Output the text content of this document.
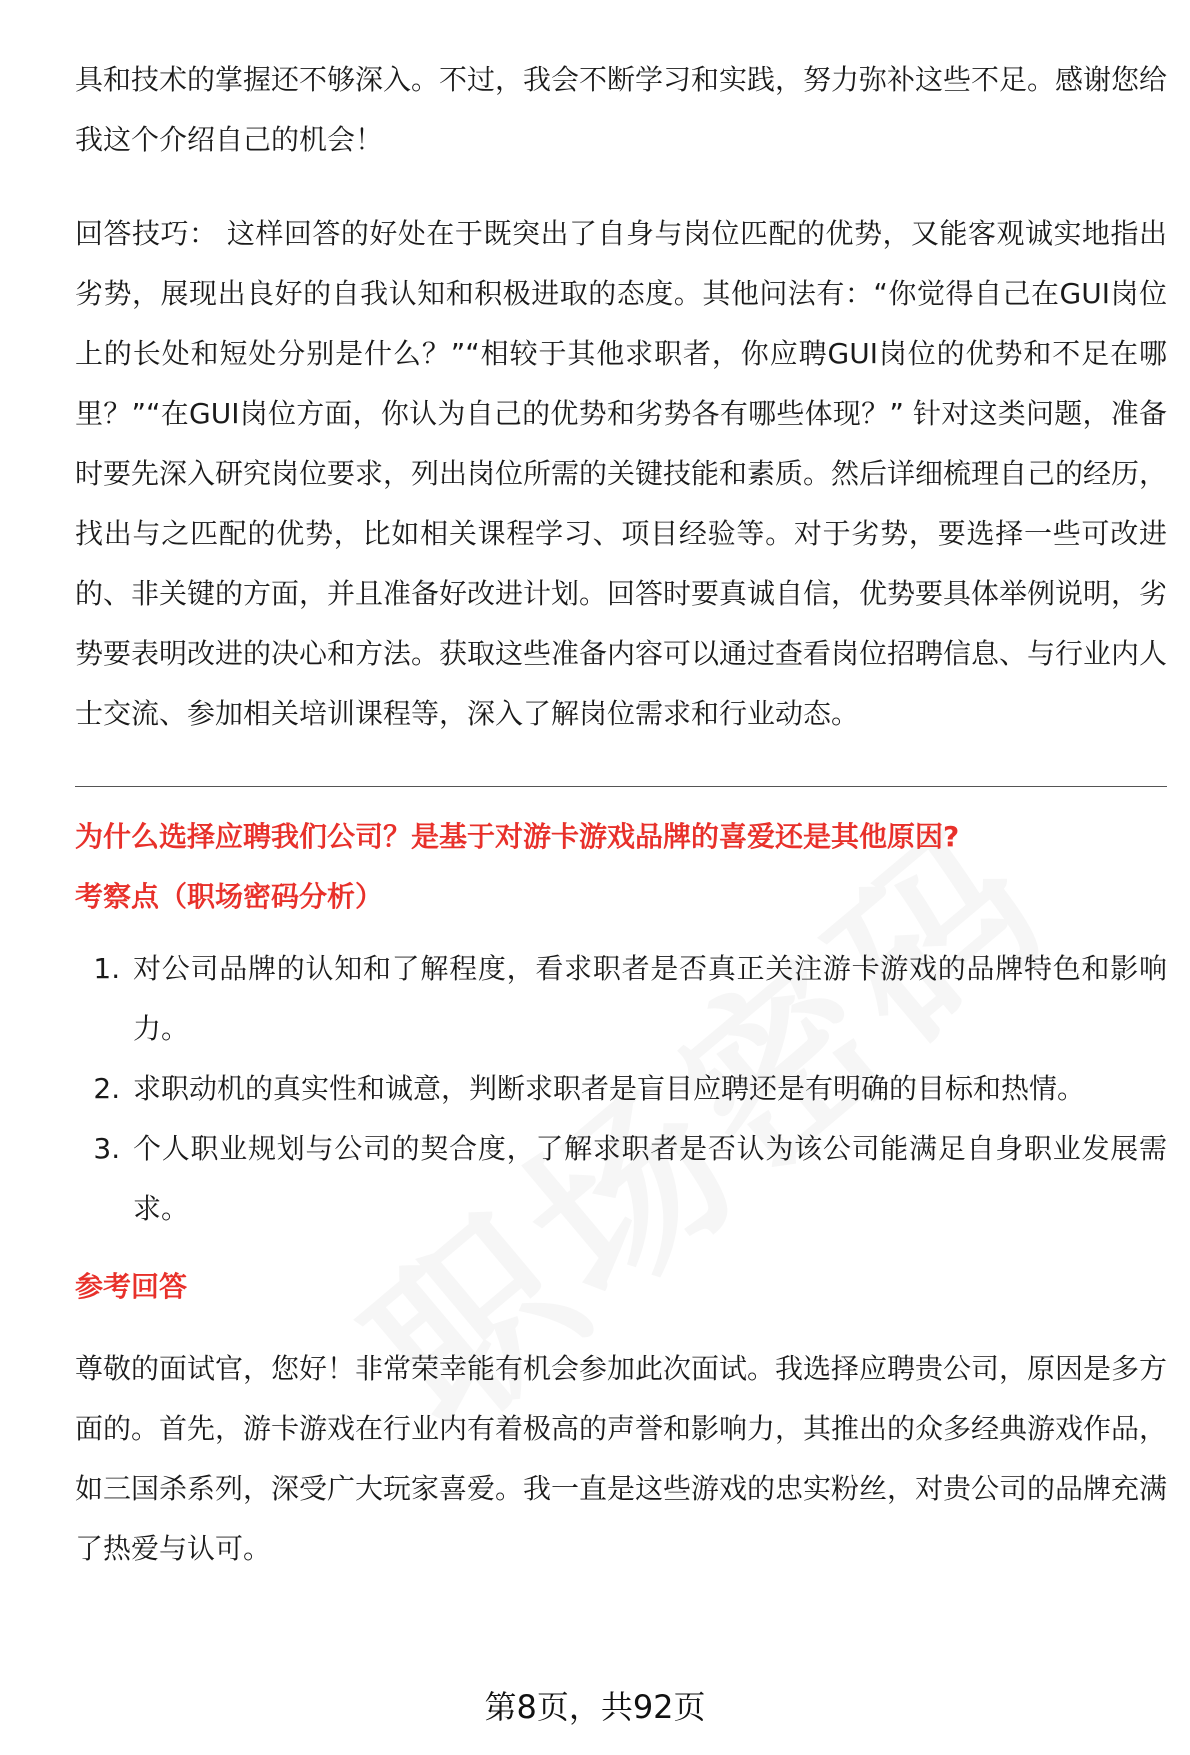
具和技术的掌握还不够深入。不过，我会不断学习和实践，努力弥补这些不足。感谢您给我这个介绍自己的机会！

回答技巧： 这样回答的好处在于既突出了自身与岗位匹配的优势，又能客观诚实地指出劣势，展现出良好的自我认知和积极进取的态度。其他问法有：“你觉得自己在GUI岗位上的长处和短处分别是什么？”“相较于其他求职者，你应聘GUI岗位的优势和不足在哪里？”“在GUI岗位方面，你认为自己的优势和劣势各有哪些体现？” 针对这类问题，准备时要先深入研究岗位要求，列出岗位所需的关键技能和素质。然后详细梳理自己的经历，找出与之匹配的优势，比如相关课程学习、项目经验等。对于劣势，要选择一些可改进的、非关键的方面，并且准备好改进计划。回答时要真诚自信，优势要具体举例说明，劣势要表明改进的决心和方法。获取这些准备内容可以通过查看岗位招聘信息、与行业内人士交流、参加相关培训课程等，深入了解岗位需求和行业动态。

为什么选择应聘我们公司？是基于对游卡游戏品牌的喜爱还是其他原因?
考察点（职场密码分析）
1. 对公司品牌的认知和了解程度，看求职者是否真正关注游卡游戏的品牌特色和影响力。
2. 求职动机的真实性和诚意，判断求职者是盲目应聘还是有明确的目标和热情。
3. 个人职业规划与公司的契合度，了解求职者是否认为该公司能满足自身职业发展需求。
参考回答

尊敬的面试官，您好！非常荣幸能有机会参加此次面试。我选择应聘贵公司，原因是多方面的。首先，游卡游戏在行业内有着极高的声誉和影响力，其推出的众多经典游戏作品，如三国杀系列，深受广大玩家喜爱。我一直是这些游戏的忠实粉丝，对贵公司的品牌充满了热爱与认可。

第8页，共92页
